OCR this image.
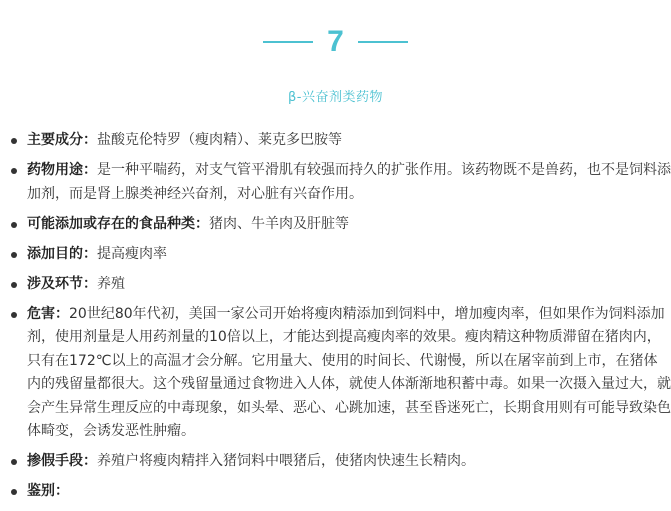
7
β-兴奋剂类药物
主要成分：盐酸克伦特罗（瘦肉精）、莱克多巴胺等
药物用途：是一种平喘药，对支气管平滑肌有较强而持久的扩张作用。该药物既不是兽药，也不是饲料添加剂，而是肾上腺类神经兴奋剂，对心脏有兴奋作用。
可能添加或存在的食品种类：猪肉、牛羊肉及肝脏等
添加目的：提高瘦肉率
涉及环节：养殖
危害：20世纪80年代初，美国一家公司开始将瘦肉精添加到饲料中，增加瘦肉率，但如果作为饲料添加剂，使用剂量是人用药剂量的10倍以上，才能达到提高瘦肉率的效果。瘦肉精这种物质滞留在猪肉内，只有在172℃以上的高温才会分解。它用量大、使用的时间长、代谢慢，所以在屠宰前到上市，在猪体内的残留量都很大。这个残留量通过食物进入人体，就使人体渐渐地积蓄中毒。如果一次摄入量过大，就会产生异常生理反应的中毒现象，如头晕、恶心、心跳加速，甚至昏迷死亡，长期食用则有可能导致染色体畸变，会诱发恶性肿瘤。
掺假手段：养殖户将瘦肉精拌入猪饲料中喂猪后，使猪肉快速生长精肉。
鉴别：
